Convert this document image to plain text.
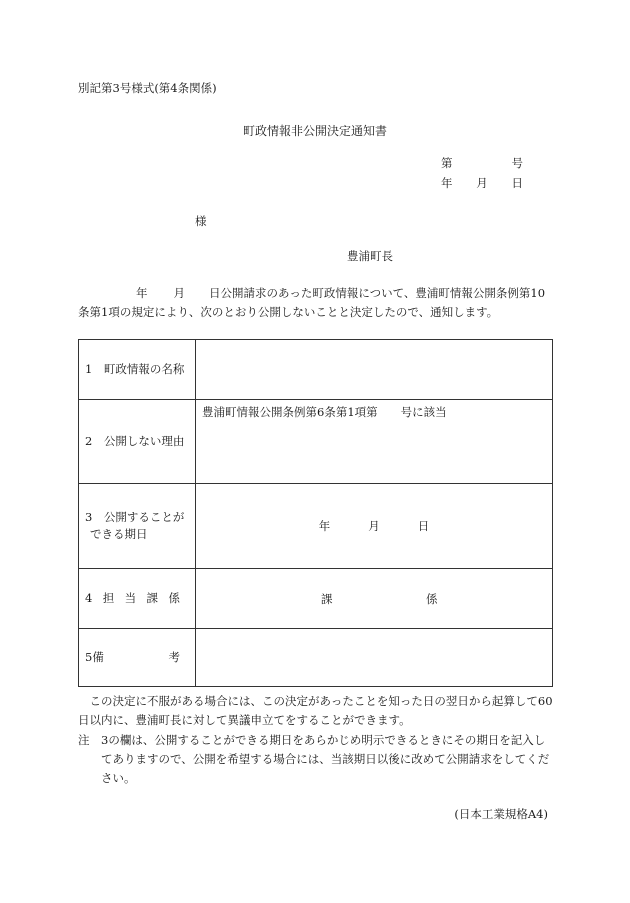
別記第3号様式(第4条関係)
町政情報非公開決定通知書
第	号
年 月 日
様
豊浦町長
年 月 日公開請求のあった町政情報について、豊浦町情報公開条例第10条第1項の規定により、次のとおり公開しないことと決定したので、通知します。
1　町政情報の名称	
2　公開しない理由	豊浦町情報公開条例第6条第1項第　　号に該当

3　公開することが
できる期日	年 月 日

4 担 当 課 係	課 係

5 備 考	

この決定に不服がある場合には、この決定があったことを知った日の翌日から起算して60日以内に、豊浦町長に対して異議申立てをすることができます。
注　3の欄は、公開することができる期日をあらかじめ明示できるときにその期日を記入してありますので、公開を希望する場合には、当該期日以後に改めて公開請求をしてください。
(日本工業規格A4)
